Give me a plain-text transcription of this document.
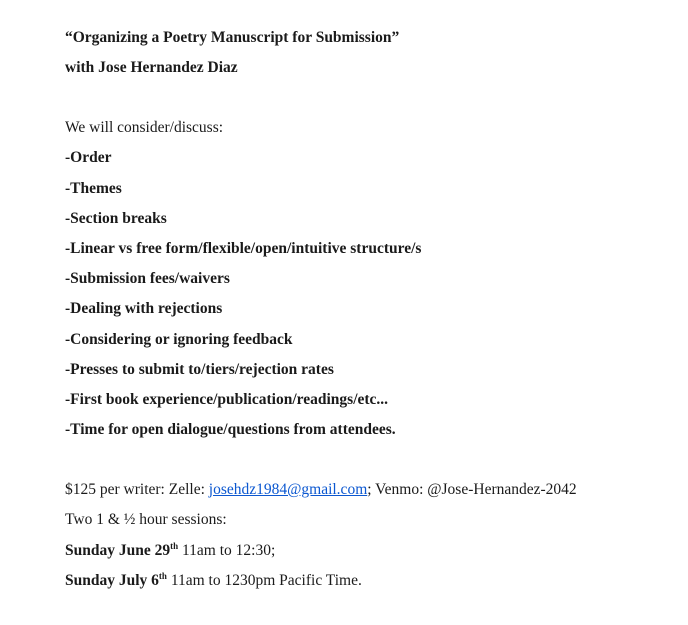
“Organizing a Poetry Manuscript for Submission”
with Jose Hernandez Diaz
We will consider/discuss:
-Order
-Themes
-Section breaks
-Linear vs free form/flexible/open/intuitive structure/s
-Submission fees/waivers
-Dealing with rejections
-Considering or ignoring feedback
-Presses to submit to/tiers/rejection rates
-First book experience/publication/readings/etc...
-Time for open dialogue/questions from attendees.
$125 per writer: Zelle: josehdz1984@gmail.com; Venmo: @Jose-Hernandez-2042
Two 1 & ½ hour sessions:
Sunday June 29th 11am to 12:30;
Sunday July 6th 11am to 1230pm Pacific Time.
